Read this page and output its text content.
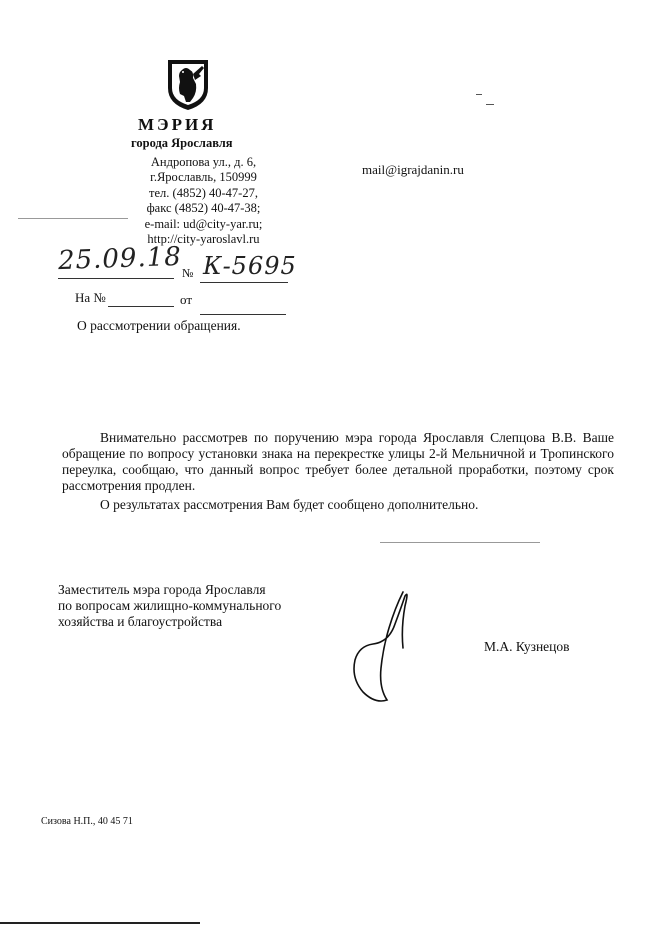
МЭРИЯ
города Ярославля
Андропова ул., д. 6,
г.Ярославль, 150999
тел. (4852) 40-47-27,
факс (4852) 40-47-38;
e-mail: ud@city-yar.ru;
http://city-yaroslavl.ru
mail@igrajdanin.ru
25.09.18 № К-5695
На №	от
О рассмотрении обращения.

Внимательно рассмотрев по поручению мэра города Ярославля Слепцова В.В. Ваше обращение по вопросу установки знака на перекрестке улицы 2-й Мельничной и Тропинского переулка, сообщаю, что данный вопрос требует более детальной проработки, поэтому срок рассмотрения продлен.

О результатах рассмотрения Вам будет сообщено дополнительно.

Заместитель мэра города Ярославля
по вопросам жилищно-коммунального
хозяйства и благоустройства
М.А. Кузнецов
Сизова Н.П., 40 45 71
